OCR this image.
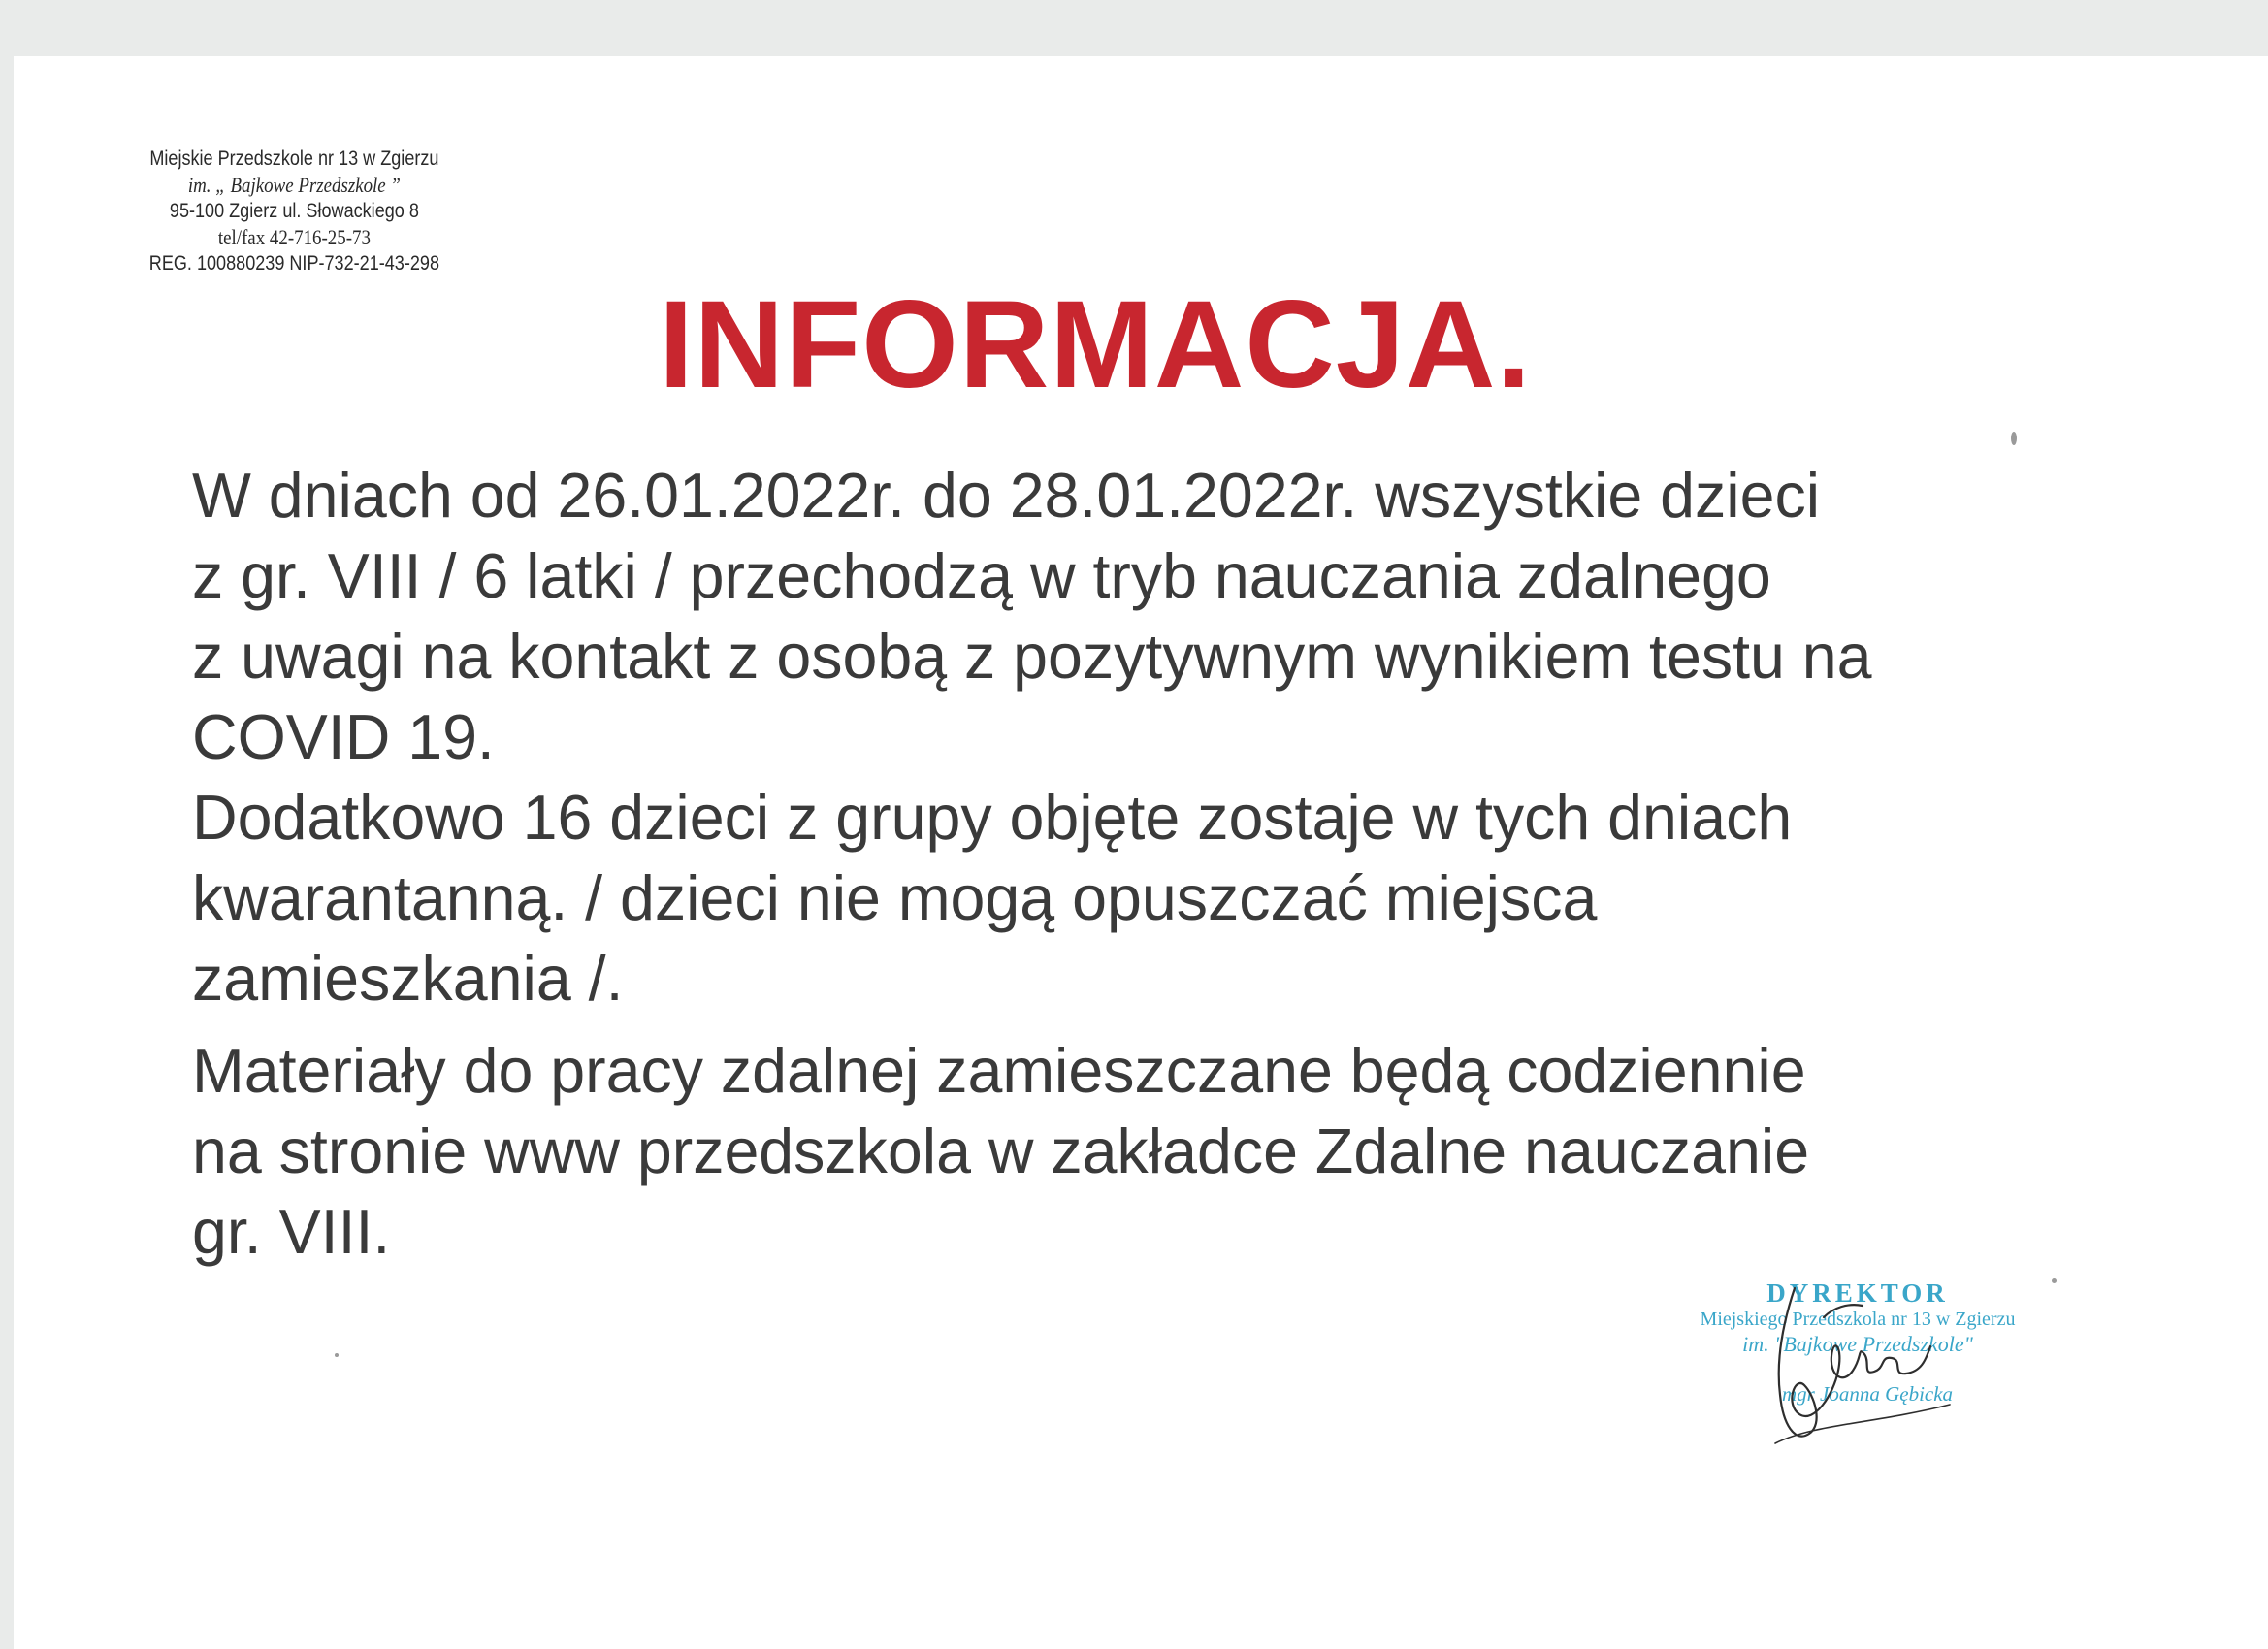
Miejskie Przedszkole nr 13 w Zgierzu
im. „ Bajkowe Przedszkole ”
95-100 Zgierz ul. Słowackiego 8
tel/fax 42-716-25-73
REG. 100880239 NIP-732-21-43-298
INFORMACJA.

W dniach od 26.01.2022r. do 28.01.2022r. wszystkie dzieci
z gr. VIII / 6 latki / przechodzą w tryb nauczania zdalnego
z uwagi na kontakt z osobą z pozytywnym wynikiem testu na
COVID 19.
Dodatkowo 16 dzieci z grupy objęte zostaje w tych dniach
kwarantanną. / dzieci nie mogą opuszczać miejsca
zamieszkania /.

Materiały do pracy zdalnej zamieszczane będą codziennie
na stronie www przedszkola w zakładce Zdalne nauczanie
gr. VIII.

DYREKTOR
Miejskiego Przedszkola nr 13 w Zgierzu
im. "Bajkowe Przedszkole"
mgr Joanna Gębicka
